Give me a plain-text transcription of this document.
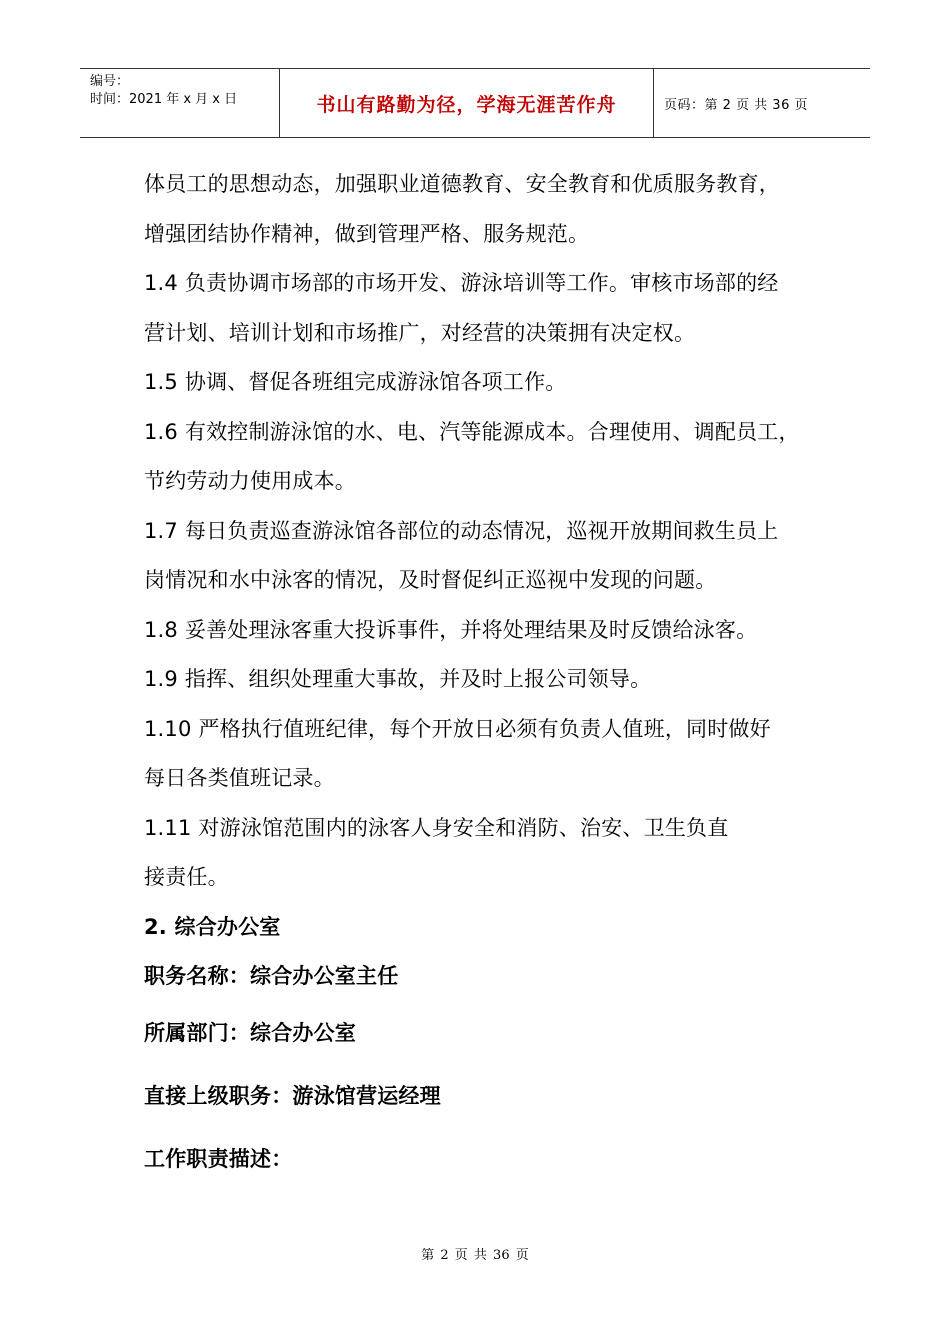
编号：
时间：2021 年 x 月 x 日	书山有路勤为径，学海无涯苦作舟	页码：第 2 页 共 36 页
体员工的思想动态，加强职业道德教育、安全教育和优质服务教育，
增强团结协作精神，做到管理严格、服务规范。
1.4 负责协调市场部的市场开发、游泳培训等工作。审核市场部的经
营计划、培训计划和市场推广，对经营的决策拥有决定权。
1.5 协调、督促各班组完成游泳馆各项工作。
1.6 有效控制游泳馆的水、电、汽等能源成本。合理使用、调配员工，
节约劳动力使用成本。
1.7 每日负责巡查游泳馆各部位的动态情况，巡视开放期间救生员上
岗情况和水中泳客的情况，及时督促纠正巡视中发现的问题。
1.8 妥善处理泳客重大投诉事件，并将处理结果及时反馈给泳客。
1.9 指挥、组织处理重大事故，并及时上报公司领导。
1.10 严格执行值班纪律，每个开放日必须有负责人值班，同时做好
每日各类值班记录。
1.11 对游泳馆范围内的泳客人身安全和消防、治安、卫生负直
接责任。
2. 综合办公室
职务名称：综合办公室主任
所属部门：综合办公室
直接上级职务：游泳馆营运经理
工作职责描述：
第 2 页 共 36 页
